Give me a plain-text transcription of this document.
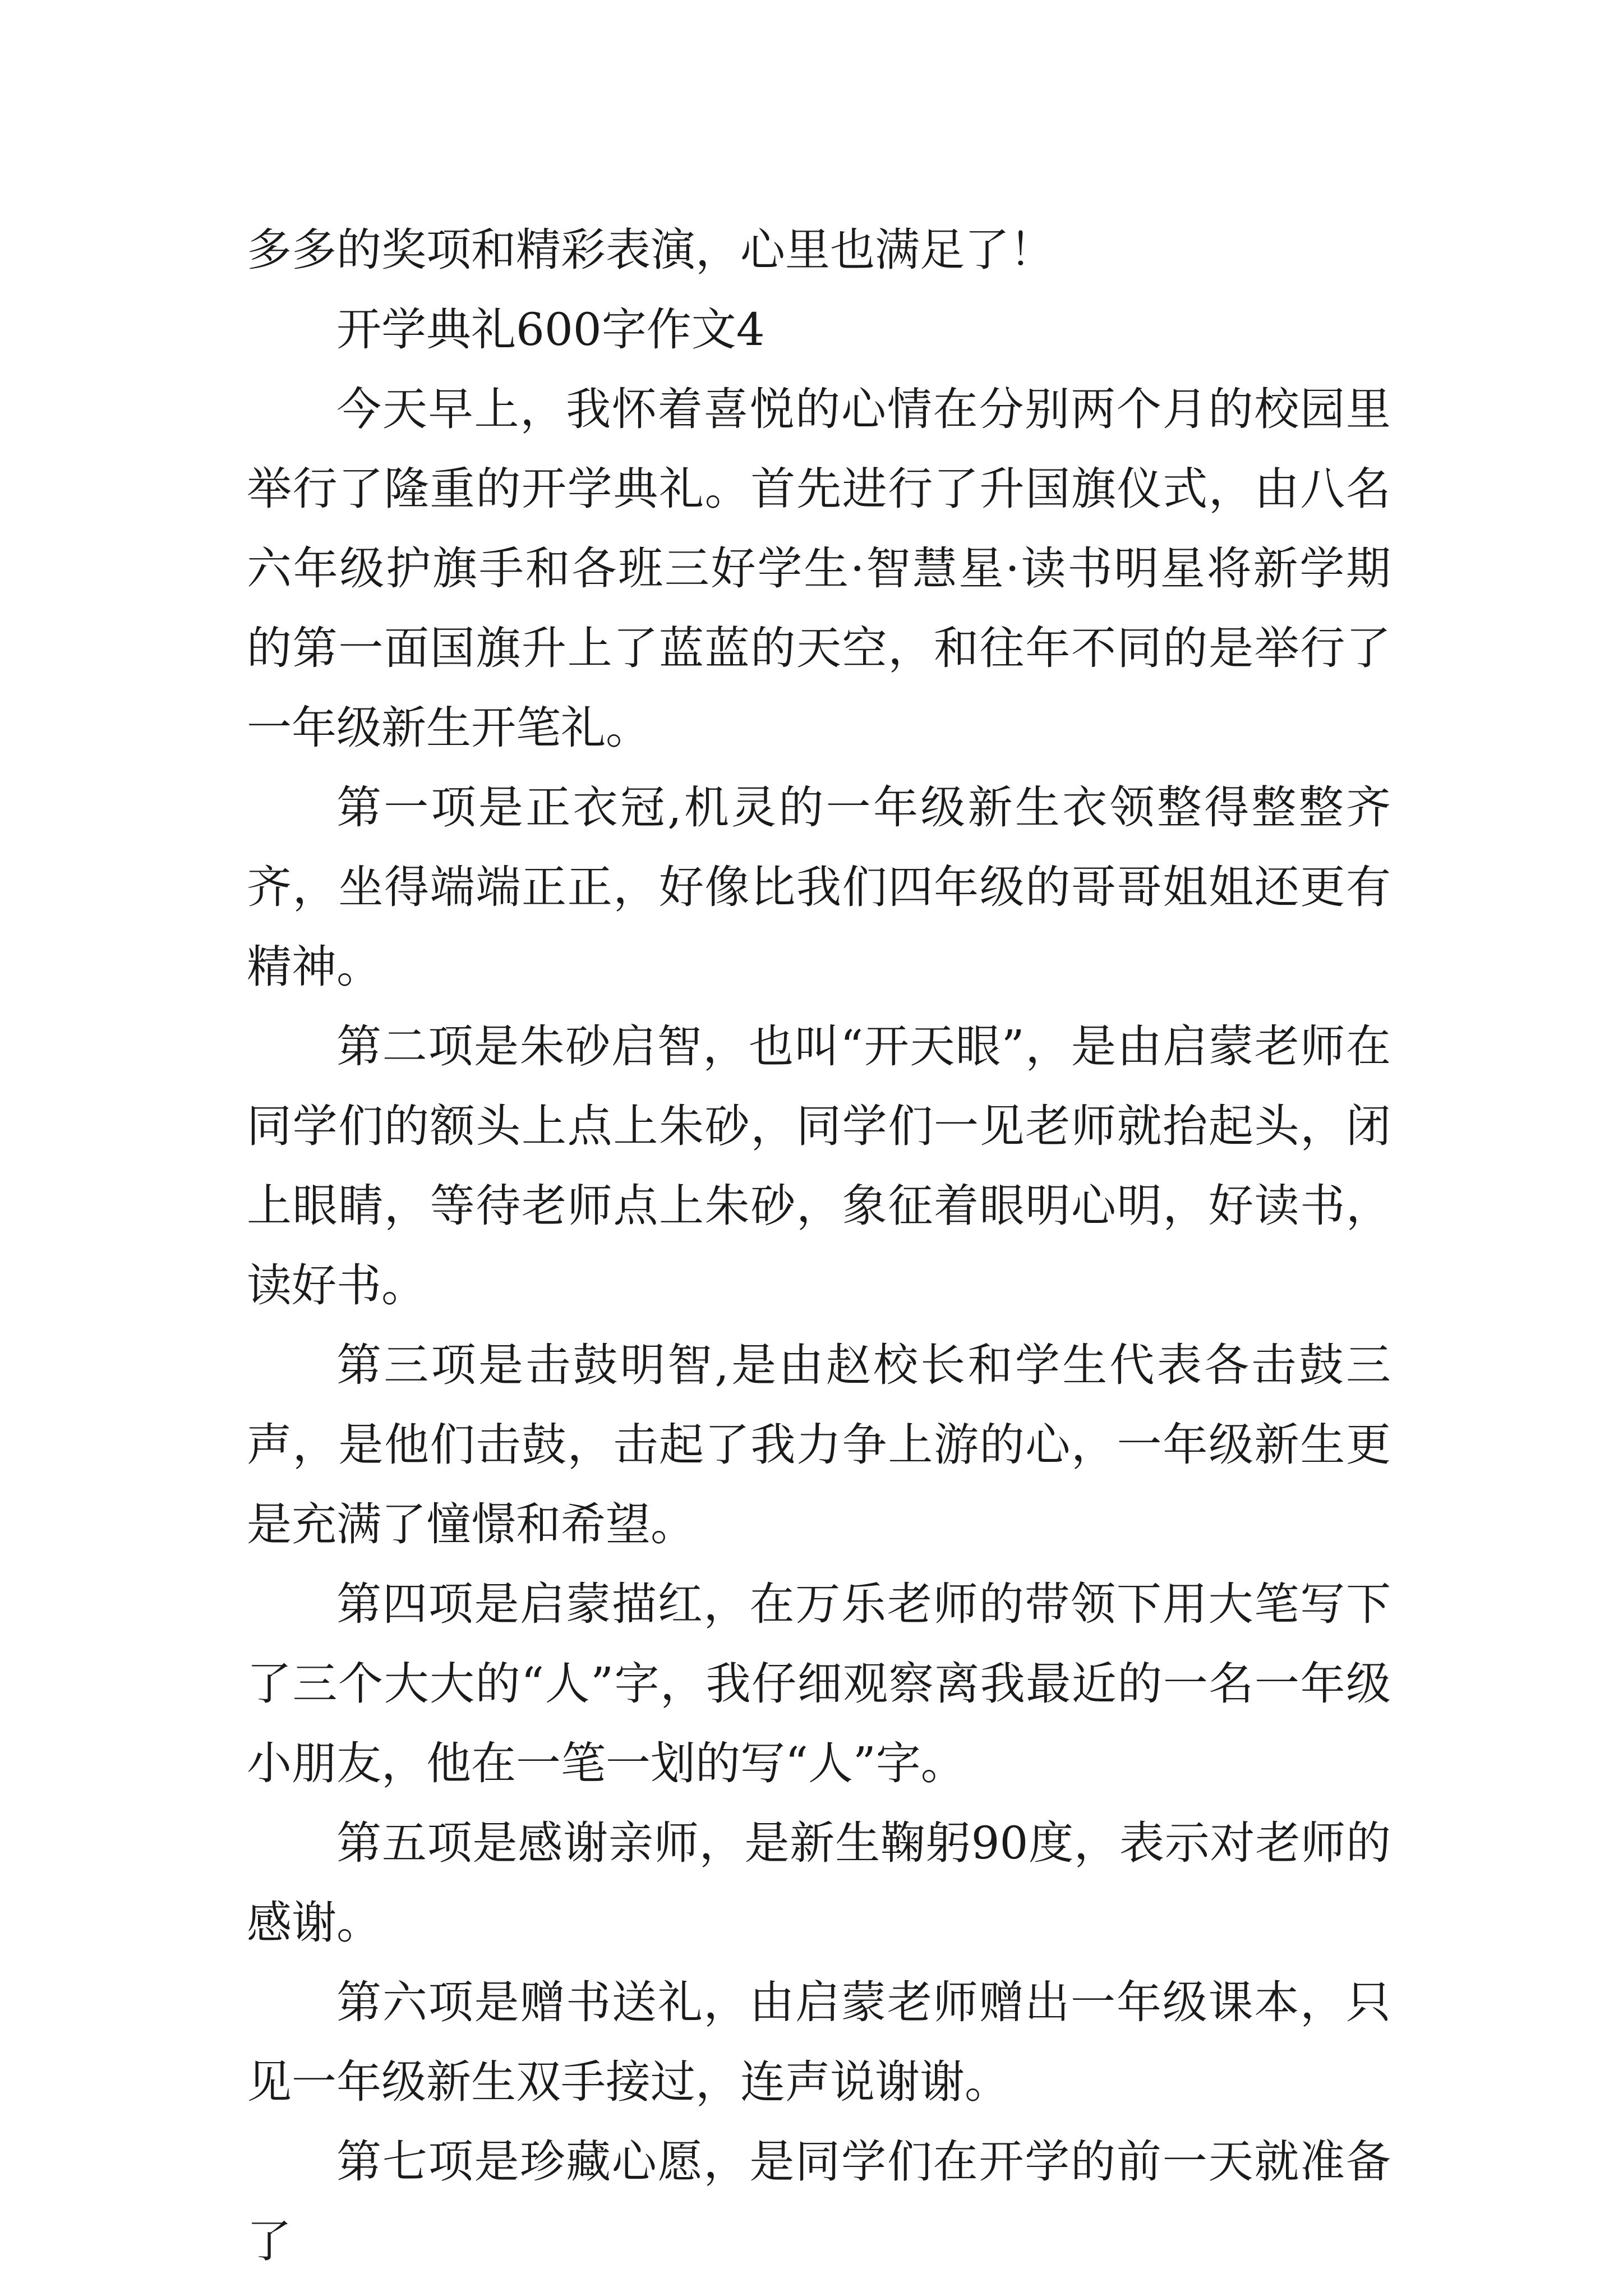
多多的奖项和精彩表演，心里也满足了！

开学典礼600字作文4

今天早上，我怀着喜悦的心情在分别两个月的校园里举行了隆重的开学典礼。首先进行了升国旗仪式，由八名六年级护旗手和各班三好学生·智慧星·读书明星将新学期的第一面国旗升上了蓝蓝的天空，和往年不同的是举行了一年级新生开笔礼。

第一项是正衣冠,机灵的一年级新生衣领整得整整齐齐，坐得端端正正，好像比我们四年级的哥哥姐姐还更有精神。

第二项是朱砂启智，也叫“开天眼”，是由启蒙老师在同学们的额头上点上朱砂，同学们一见老师就抬起头，闭上眼睛，等待老师点上朱砂，象征着眼明心明，好读书，读好书。

第三项是击鼓明智,是由赵校长和学生代表各击鼓三声，是他们击鼓，击起了我力争上游的心，一年级新生更是充满了憧憬和希望。

第四项是启蒙描红，在万乐老师的带领下用大笔写下了三个大大的“人”字，我仔细观察离我最近的一名一年级小朋友，他在一笔一划的写“人”字。

第五项是感谢亲师，是新生鞠躬90度，表示对老师的感谢。

第六项是赠书送礼，由启蒙老师赠出一年级课本，只见一年级新生双手接过，连声说谢谢。

第七项是珍藏心愿，是同学们在开学的前一天就准备了
